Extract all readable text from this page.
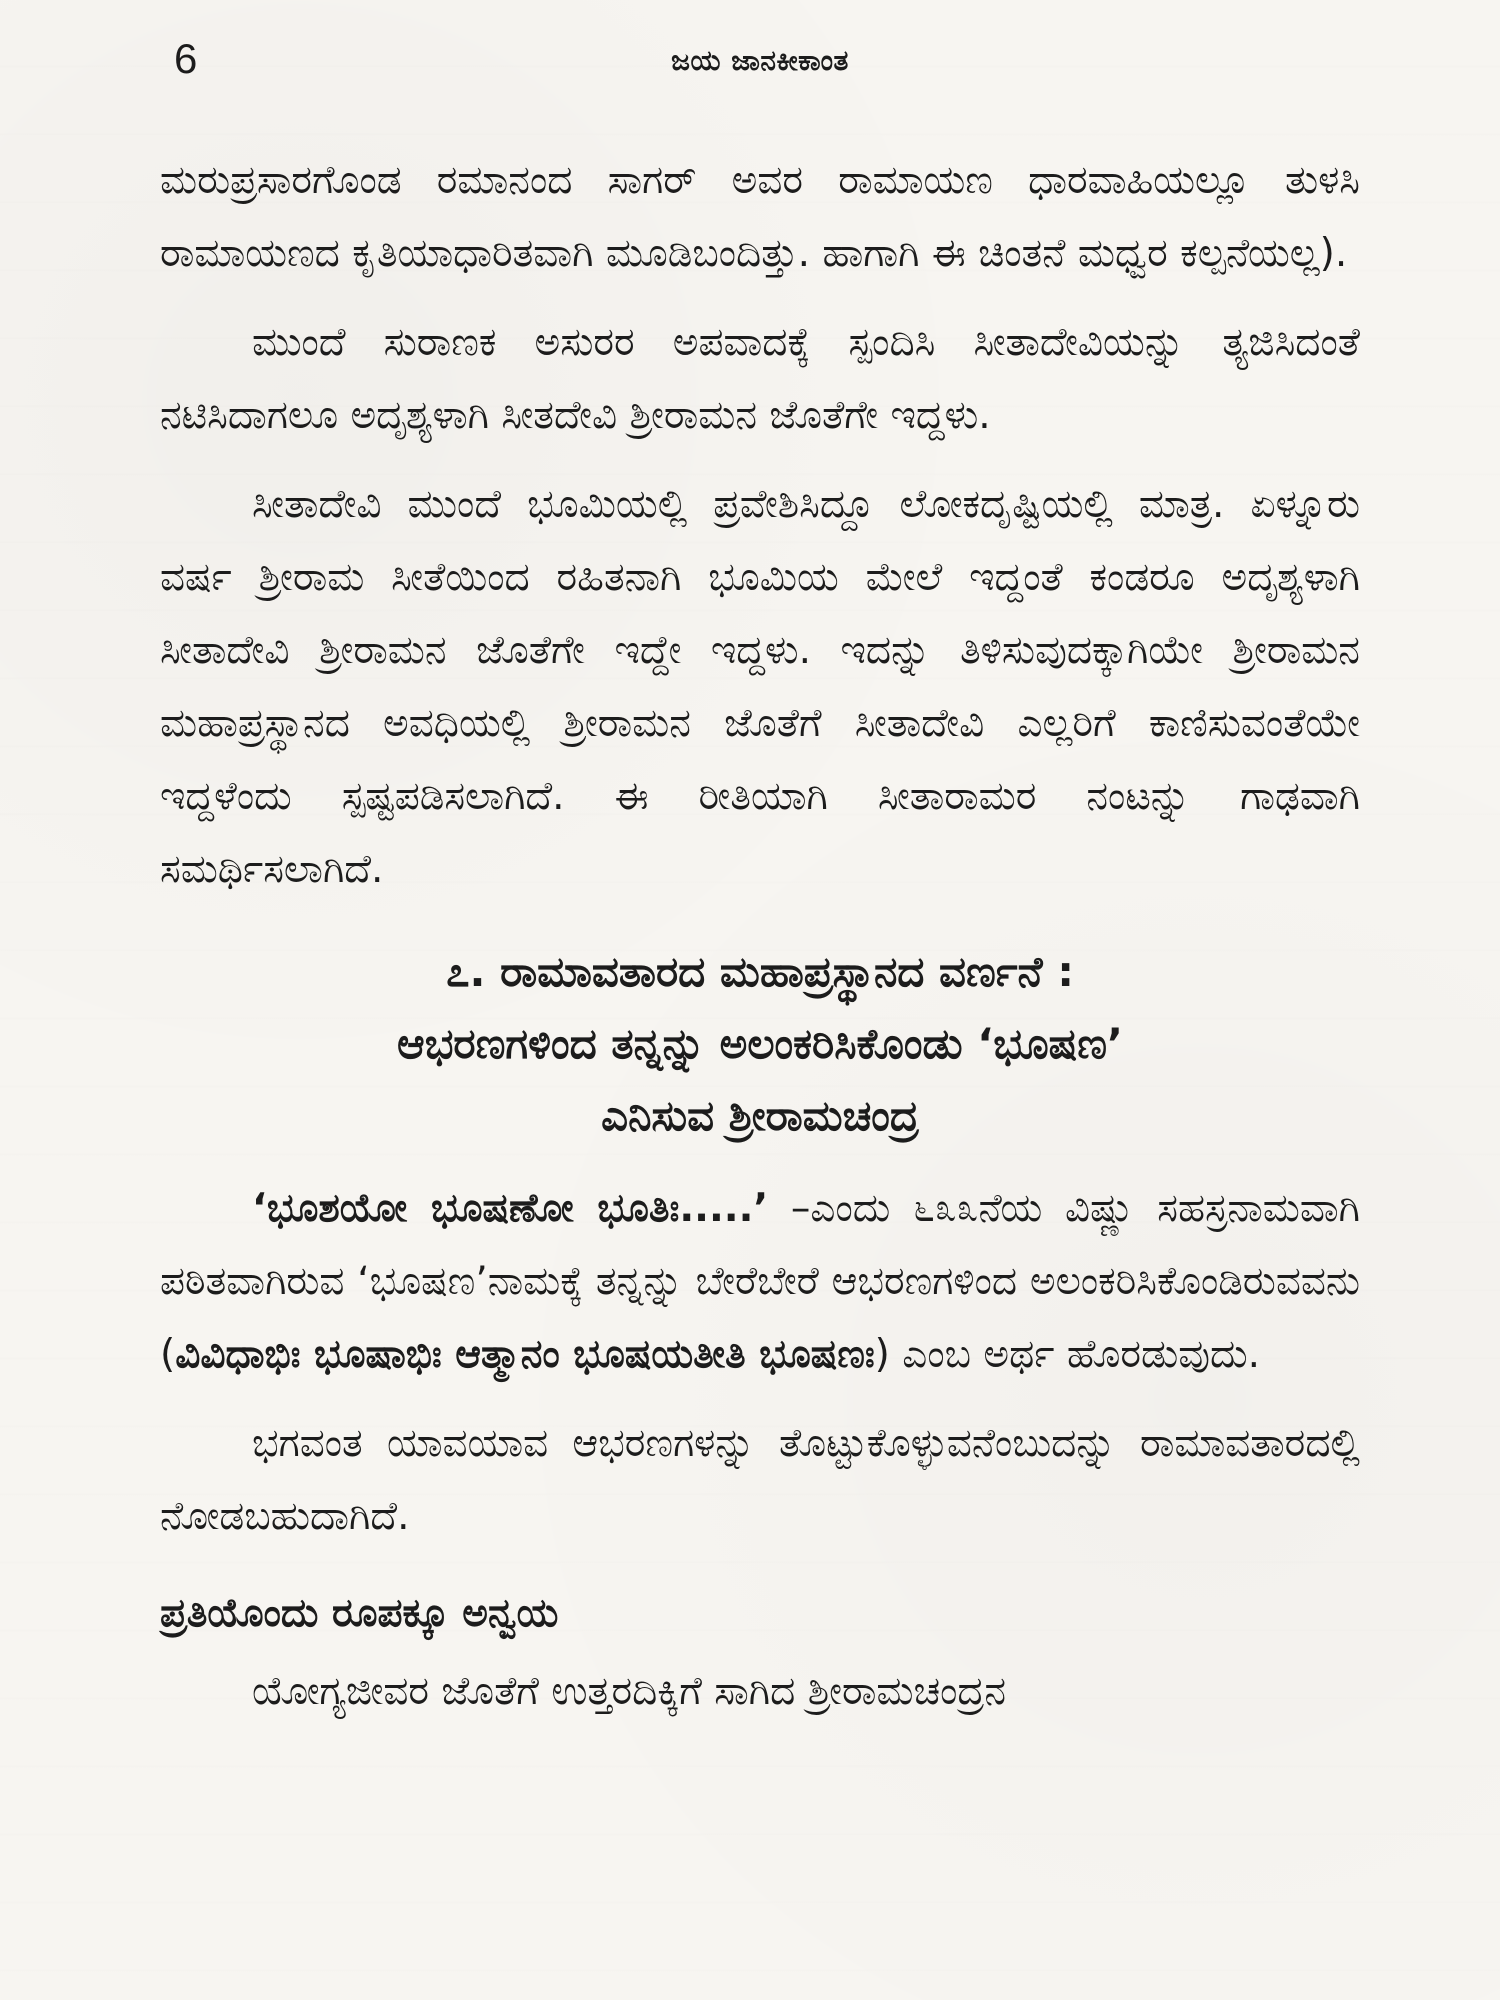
6	ಜಯ ಜಾನಕೀಕಾಂತ

ಮರುಪ್ರಸಾರಗೊಂಡ ರಮಾನಂದ ಸಾಗರ್ ಅವರ ರಾಮಾಯಣ ಧಾರವಾಹಿಯಲ್ಲೂ ತುಳಸಿ ರಾಮಾಯಣದ ಕೃತಿಯಾಧಾರಿತವಾಗಿ ಮೂಡಿಬಂದಿತ್ತು. ಹಾಗಾಗಿ ಈ ಚಿಂತನೆ ಮಧ್ವರ ಕಲ್ಪನೆಯಲ್ಲ).

ಮುಂದೆ ಸುರಾಣಕ ಅಸುರರ ಅಪವಾದಕ್ಕೆ ಸ್ಪಂದಿಸಿ ಸೀತಾದೇವಿಯನ್ನು ತ್ಯಜಿಸಿದಂತೆ ನಟಿಸಿದಾಗಲೂ ಅದೃಶ್ಯಳಾಗಿ ಸೀತದೇವಿ ಶ್ರೀರಾಮನ ಜೊತೆಗೇ ಇದ್ದಳು.

ಸೀತಾದೇವಿ ಮುಂದೆ ಭೂಮಿಯಲ್ಲಿ ಪ್ರವೇಶಿಸಿದ್ದೂ ಲೋಕದೃಷ್ಟಿಯಲ್ಲಿ ಮಾತ್ರ. ಏಳ್ನೂರು ವರ್ಷ ಶ್ರೀರಾಮ ಸೀತೆಯಿಂದ ರಹಿತನಾಗಿ ಭೂಮಿಯ ಮೇಲೆ ಇದ್ದಂತೆ ಕಂಡರೂ ಅದೃಶ್ಯಳಾಗಿ ಸೀತಾದೇವಿ ಶ್ರೀರಾಮನ ಜೊತೆಗೇ ಇದ್ದೇ ಇದ್ದಳು. ಇದನ್ನು ತಿಳಿಸುವುದಕ್ಕಾಗಿಯೇ ಶ್ರೀರಾಮನ ಮಹಾಪ್ರಸ್ಥಾನದ ಅವಧಿಯಲ್ಲಿ ಶ್ರೀರಾಮನ ಜೊತೆಗೆ ಸೀತಾದೇವಿ ಎಲ್ಲರಿಗೆ ಕಾಣಿಸುವಂತೆಯೇ ಇದ್ದಳೆಂದು ಸ್ಪಷ್ಟಪಡಿಸಲಾಗಿದೆ. ಈ ರೀತಿಯಾಗಿ ಸೀತಾರಾಮರ ನಂಟನ್ನು ಗಾಢವಾಗಿ ಸಮರ್ಥಿಸಲಾಗಿದೆ.

೭. ರಾಮಾವತಾರದ ಮಹಾಪ್ರಸ್ಥಾನದ ವರ್ಣನೆ :
ಆಭರಣಗಳಿಂದ ತನ್ನನ್ನು ಅಲಂಕರಿಸಿಕೊಂಡು ‘ಭೂಷಣ’
ಎನಿಸುವ ಶ್ರೀರಾಮಚಂದ್ರ

‘ಭೂಶಯೋ ಭೂಷಣೋ ಭೂತಿಃ.....’ –ಎಂದು ೬೩೩ನೆಯ ವಿಷ್ಣು ಸಹಸ್ರನಾಮವಾಗಿ ಪಠಿತವಾಗಿರುವ ‘ಭೂಷಣ’ನಾಮಕ್ಕೆ ತನ್ನನ್ನು ಬೇರೆಬೇರೆ ಆಭರಣಗಳಿಂದ ಅಲಂಕರಿಸಿಕೊಂಡಿರುವವನು (ವಿವಿಧಾಭಿಃ ಭೂಷಾಭಿಃ ಆತ್ಮಾನಂ ಭೂಷಯತೀತಿ ಭೂಷಣಃ) ಎಂಬ ಅರ್ಥ ಹೊರಡುವುದು.

ಭಗವಂತ ಯಾವಯಾವ ಆಭರಣಗಳನ್ನು ತೊಟ್ಟುಕೊಳ್ಳುವನೆಂಬುದನ್ನು ರಾಮಾವತಾರದಲ್ಲಿ ನೋಡಬಹುದಾಗಿದೆ.

ಪ್ರತಿಯೊಂದು ರೂಪಕ್ಕೂ ಅನ್ವಯ

ಯೋಗ್ಯಜೀವರ ಜೊತೆಗೆ ಉತ್ತರದಿಕ್ಕಿಗೆ ಸಾಗಿದ ಶ್ರೀರಾಮಚಂದ್ರನ
